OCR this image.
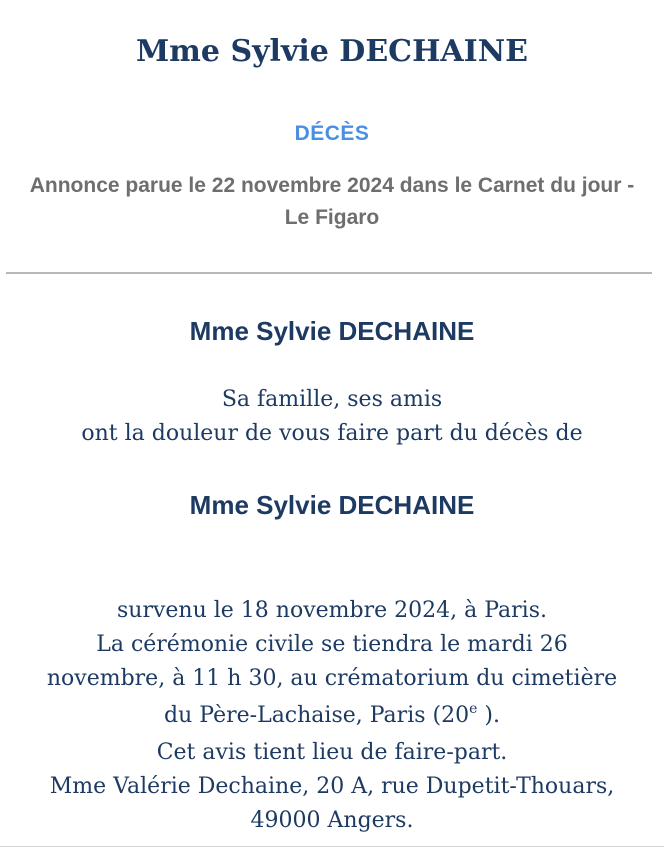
Mme Sylvie DECHAINE
DÉCÈS
Annonce parue le 22 novembre 2024 dans le Carnet du jour - Le Figaro
Mme Sylvie DECHAINE
Sa famille, ses amis
ont la douleur de vous faire part du décès de
Mme Sylvie DECHAINE
survenu le 18 novembre 2024, à Paris.
La cérémonie civile se tiendra le mardi 26
novembre, à 11 h 30, au crématorium du cimetière
du Père-Lachaise, Paris (20e ).
Cet avis tient lieu de faire-part.
Mme Valérie Dechaine, 20 A, rue Dupetit-Thouars,
49000 Angers.
